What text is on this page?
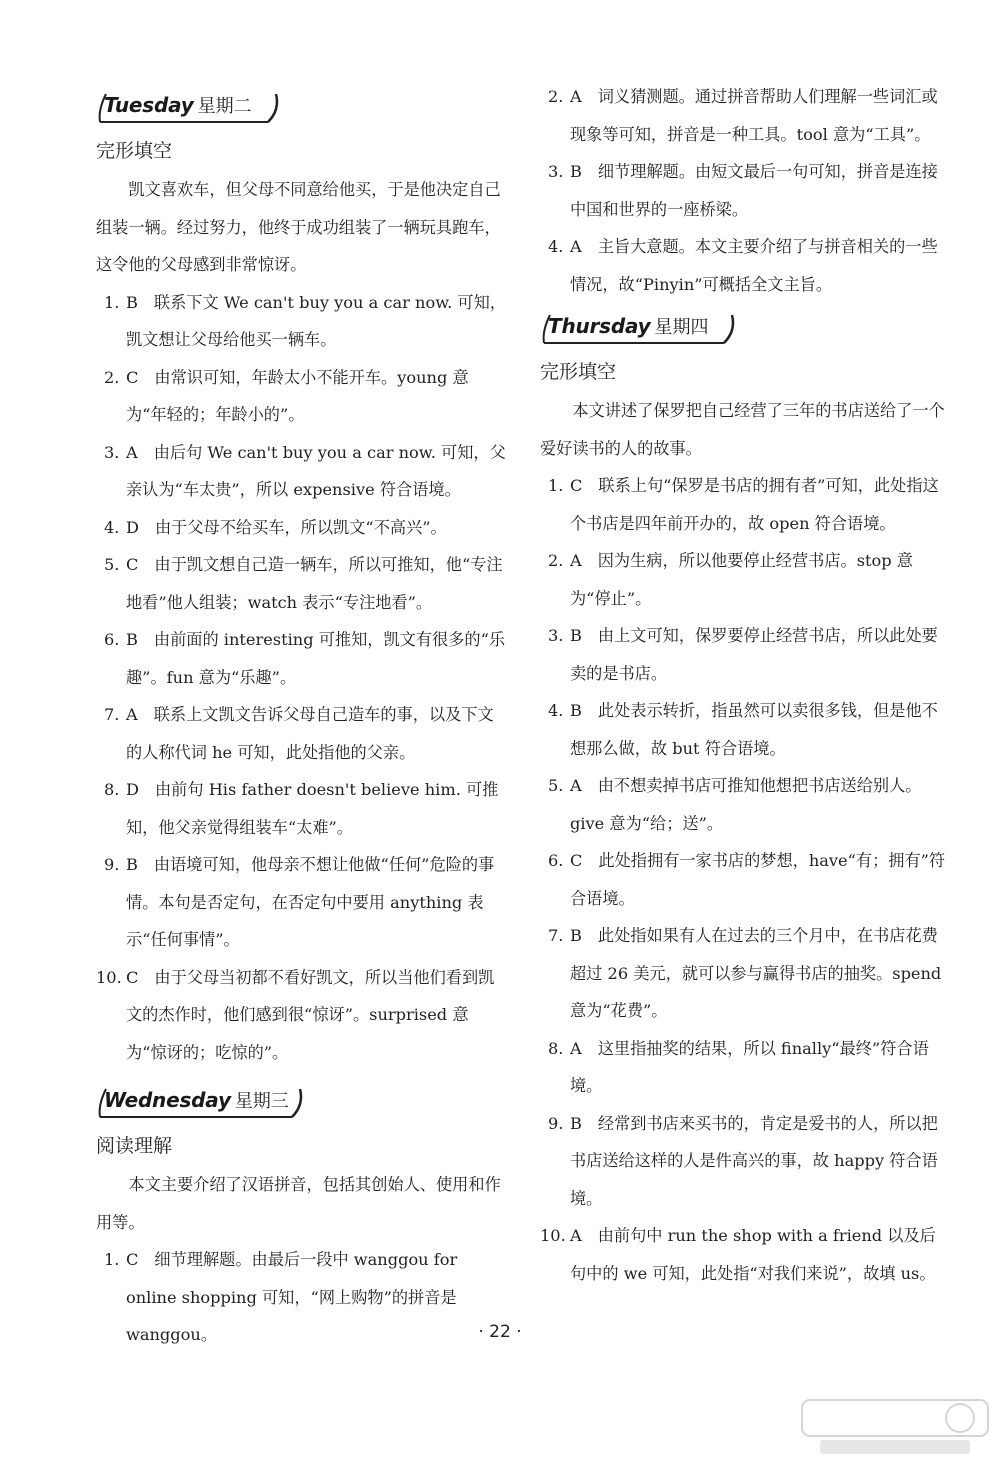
Tuesday 星期二
完形填空

凯文喜欢车，但父母不同意给他买，于是他决定自己组装一辆。经过努力，他终于成功组装了一辆玩具跑车，这令他的父母感到非常惊讶。

1. B 联系下文 We can't buy you a car now. 可知，凯文想让父母给他买一辆车。

2. C 由常识可知，年龄太小不能开车。young 意为“年轻的；年龄小的”。

3. A 由后句 We can't buy you a car now. 可知，父亲认为“车太贵”，所以 expensive 符合语境。

4. D 由于父母不给买车，所以凯文“不高兴”。

5. C 由于凯文想自己造一辆车，所以可推知，他“专注地看”他人组装；watch 表示“专注地看”。

6. B 由前面的 interesting 可推知，凯文有很多的“乐趣”。fun 意为“乐趣”。

7. A 联系上文凯文告诉父母自己造车的事，以及下文的人称代词 he 可知，此处指他的父亲。

8. D 由前句 His father doesn't believe him. 可推知，他父亲觉得组装车“太难”。

9. B 由语境可知，他母亲不想让他做“任何”危险的事情。本句是否定句，在否定句中要用 anything 表示“任何事情”。

10. C 由于父母当初都不看好凯文，所以当他们看到凯文的杰作时，他们感到很“惊讶”。surprised 意为“惊讶的；吃惊的”。

Wednesday 星期三
阅读理解

本文主要介绍了汉语拼音，包括其创始人、使用和作用等。

1. C 细节理解题。由最后一段中 wanggou for online shopping 可知，“网上购物”的拼音是 wanggou。

2. A 词义猜测题。通过拼音帮助人们理解一些词汇或现象等可知，拼音是一种工具。tool 意为“工具”。

3. B 细节理解题。由短文最后一句可知，拼音是连接中国和世界的一座桥梁。

4. A 主旨大意题。本文主要介绍了与拼音相关的一些情况，故“Pinyin”可概括全文主旨。

Thursday 星期四
完形填空

本文讲述了保罗把自己经营了三年的书店送给了一个爱好读书的人的故事。

1. C 联系上句“保罗是书店的拥有者”可知，此处指这个书店是四年前开办的，故 open 符合语境。

2. A 因为生病，所以他要停止经营书店。stop 意为“停止”。

3. B 由上文可知，保罗要停止经营书店，所以此处要卖的是书店。

4. B 此处表示转折，指虽然可以卖很多钱，但是他不想那么做，故 but 符合语境。

5. A 由不想卖掉书店可推知他想把书店送给别人。give 意为“给；送”。

6. C 此处指拥有一家书店的梦想，have“有；拥有”符合语境。

7. B 此处指如果有人在过去的三个月中，在书店花费超过 26 美元，就可以参与赢得书店的抽奖。spend 意为“花费”。

8. A 这里指抽奖的结果，所以 finally“最终”符合语境。

9. B 经常到书店来买书的，肯定是爱书的人，所以把书店送给这样的人是件高兴的事，故 happy 符合语境。

10. A 由前句中 run the shop with a friend 以及后句中的 we 可知，此处指“对我们来说”，故填 us。

· 22 ·
